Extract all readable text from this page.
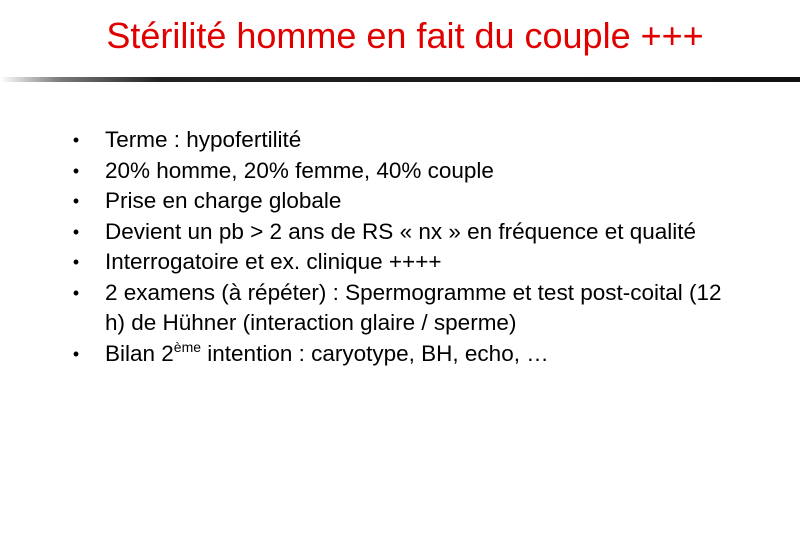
Stérilité homme en fait du couple +++
• Terme : hypofertilité
• 20% homme, 20% femme, 40% couple
• Prise en charge globale
• Devient un pb > 2 ans de RS « nx » en fréquence et qualité
• Interrogatoire et ex. clinique ++++
• 2 examens (à répéter) : Spermogramme et test post-coital (12 h) de Hühner (interaction glaire / sperme)
• Bilan 2ème intention : caryotype, BH, echo, …
